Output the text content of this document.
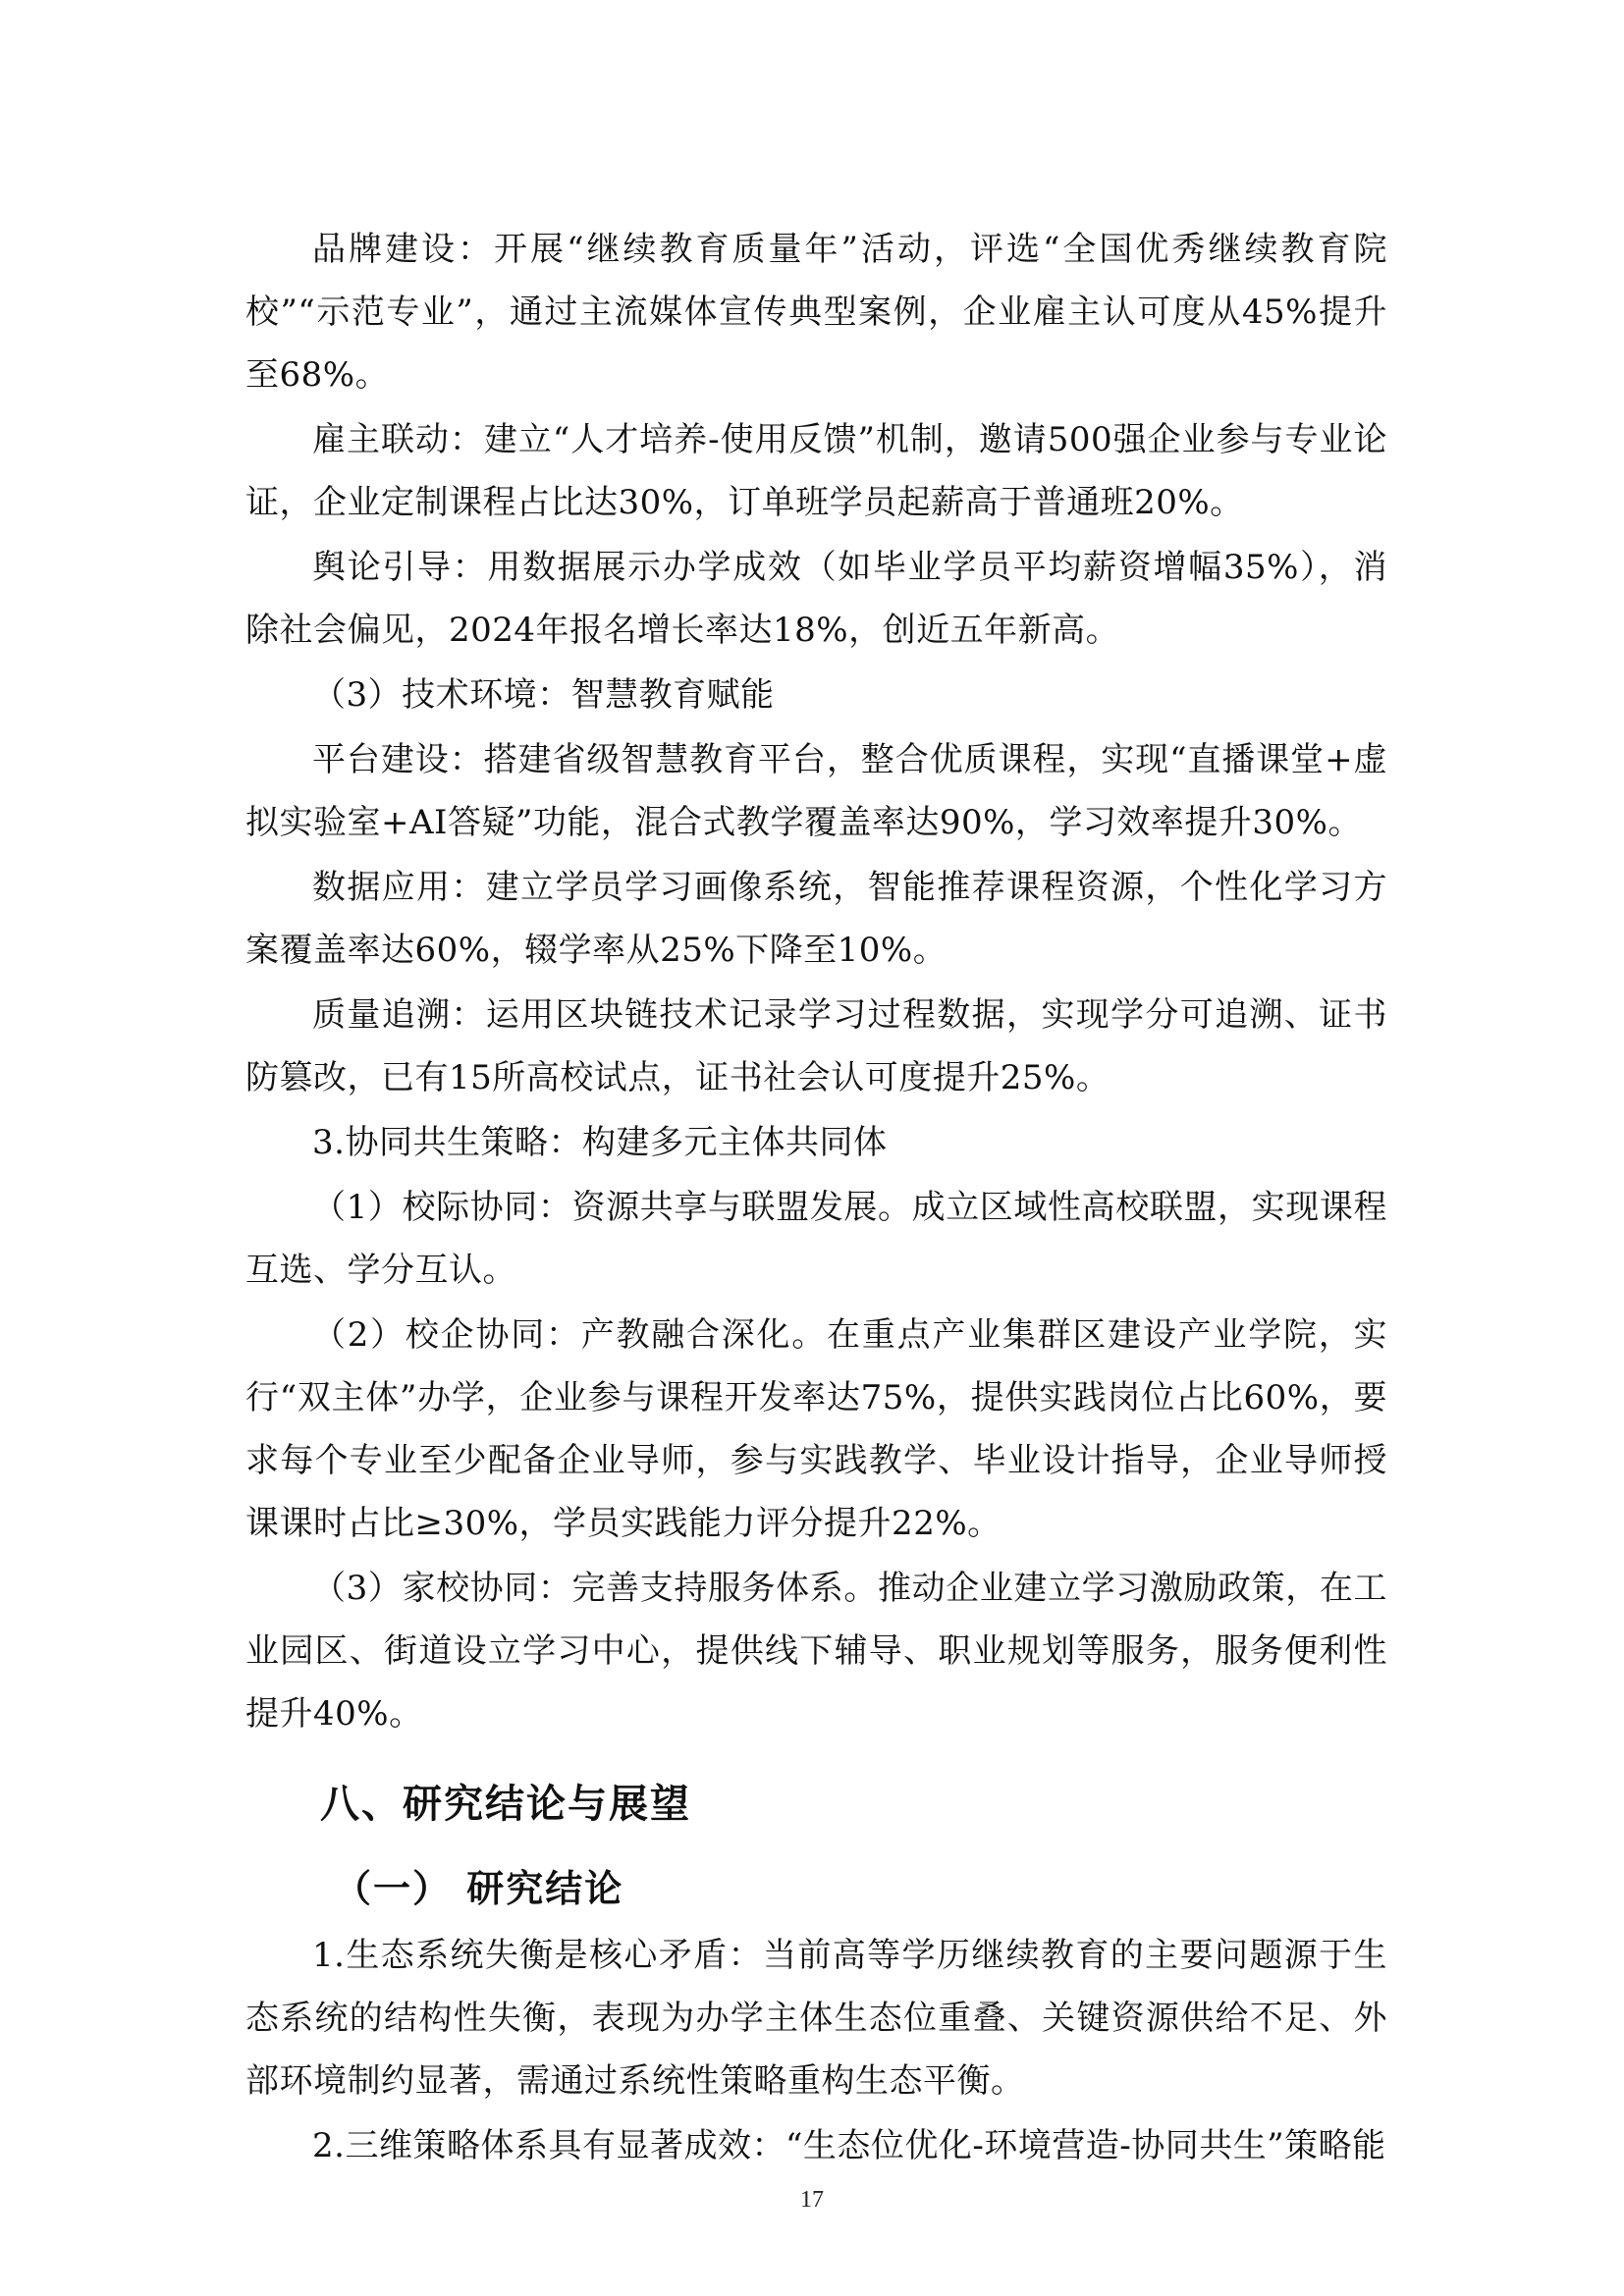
品牌建设：开展“继续教育质量年”活动，评选“全国优秀继续教育院校”“示范专业”，通过主流媒体宣传典型案例，企业雇主认可度从45%提升至68%。

雇主联动：建立“人才培养-使用反馈”机制，邀请500强企业参与专业论证，企业定制课程占比达30%，订单班学员起薪高于普通班20%。

舆论引导：用数据展示办学成效（如毕业学员平均薪资增幅35%），消除社会偏见，2024年报名增长率达18%，创近五年新高。

（3）技术环境：智慧教育赋能

平台建设：搭建省级智慧教育平台，整合优质课程，实现“直播课堂+虚拟实验室+AI答疑”功能，混合式教学覆盖率达90%，学习效率提升30%。

数据应用：建立学员学习画像系统，智能推荐课程资源，个性化学习方案覆盖率达60%，辍学率从25%下降至10%。

质量追溯：运用区块链技术记录学习过程数据，实现学分可追溯、证书防篡改，已有15所高校试点，证书社会认可度提升25%。

3.协同共生策略：构建多元主体共同体

（1）校际协同：资源共享与联盟发展。成立区域性高校联盟，实现课程互选、学分互认。

（2）校企协同：产教融合深化。在重点产业集群区建设产业学院，实行“双主体”办学，企业参与课程开发率达75%，提供实践岗位占比60%，要求每个专业至少配备企业导师，参与实践教学、毕业设计指导，企业导师授课课时占比≥30%，学员实践能力评分提升22%。

（3）家校协同：完善支持服务体系。推动企业建立学习激励政策，在工业园区、街道设立学习中心，提供线下辅导、职业规划等服务，服务便利性提升40%。

八、研究结论与展望
（一） 研究结论

1.生态系统失衡是核心矛盾：当前高等学历继续教育的主要问题源于生态系统的结构性失衡，表现为办学主体生态位重叠、关键资源供给不足、外部环境制约显著，需通过系统性策略重构生态平衡。

2.三维策略体系具有显著成效：“生态位优化-环境营造-协同共生”策略能

17
